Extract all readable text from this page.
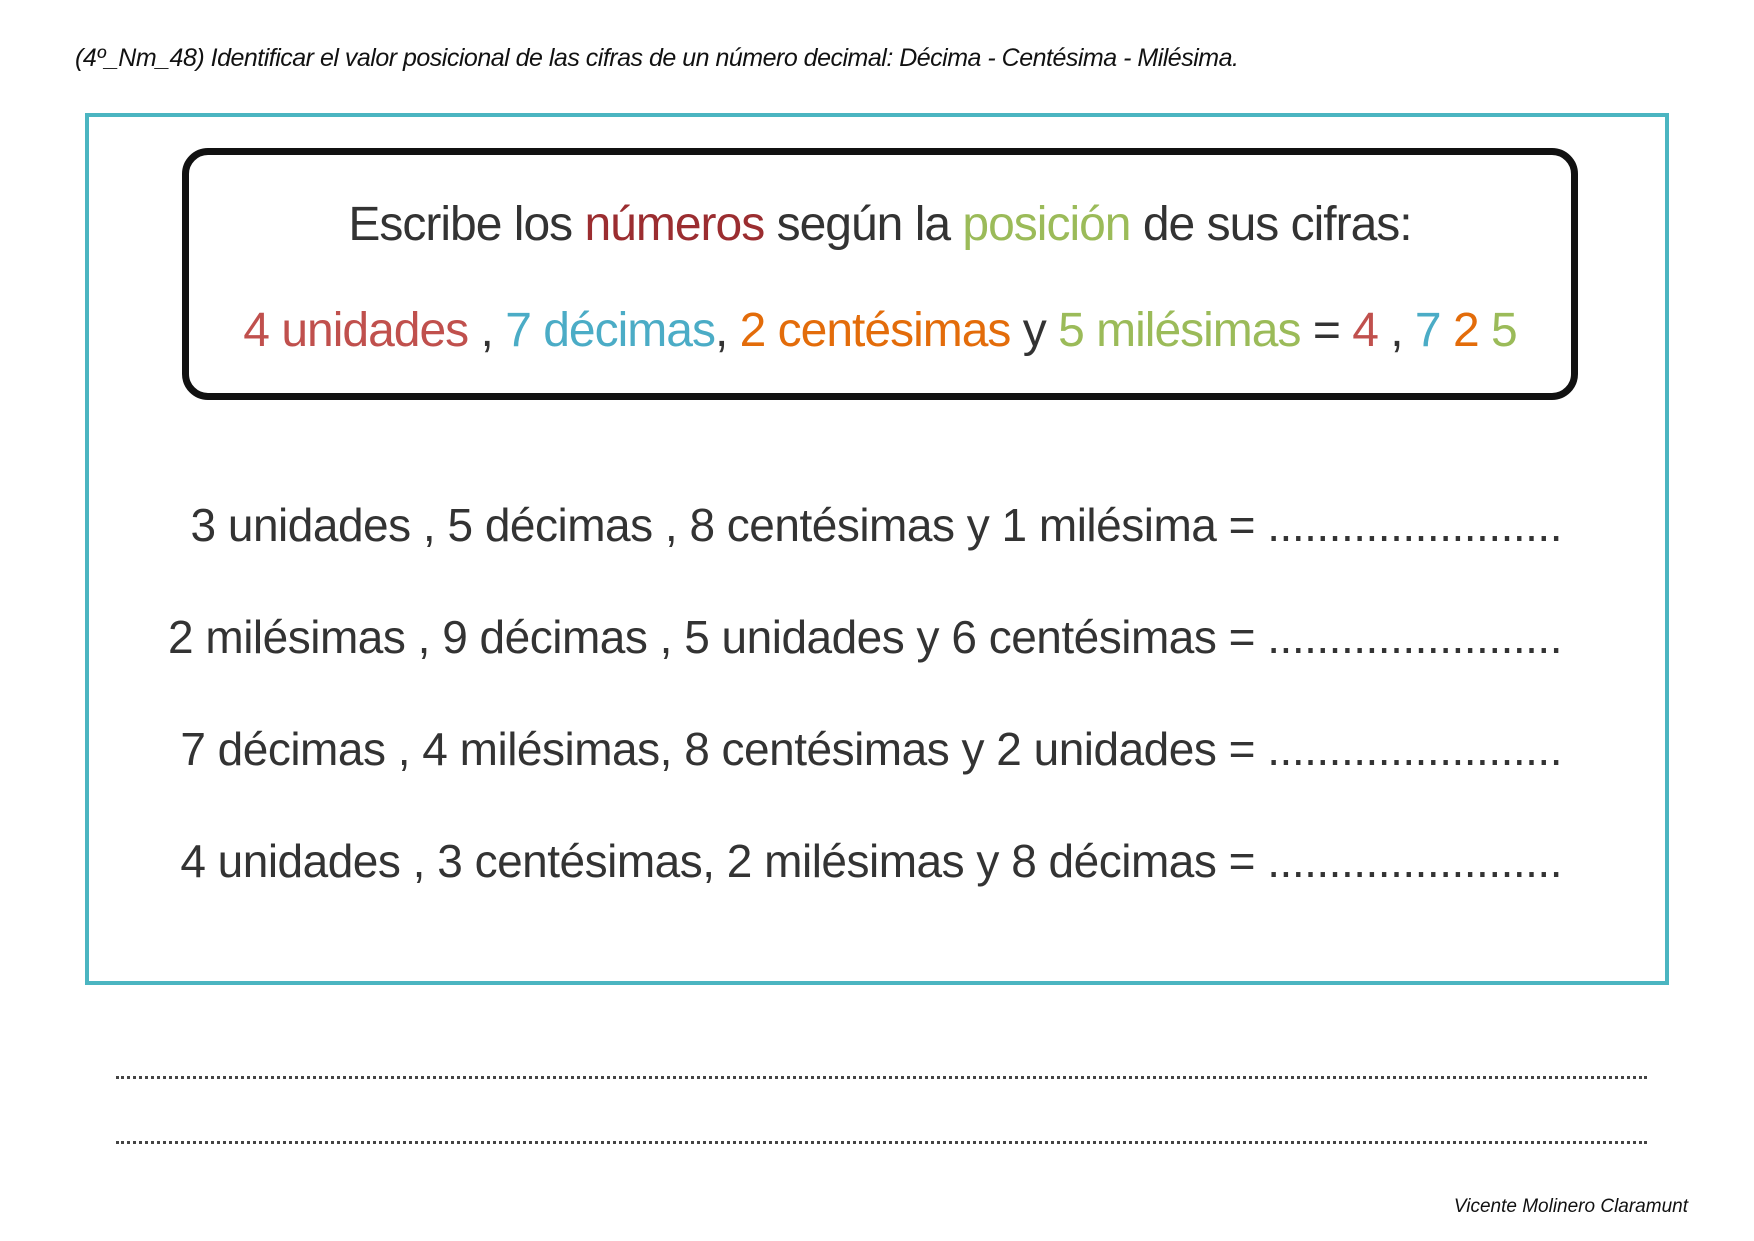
(4º_Nm_48) Identificar el valor posicional de las cifras de un número decimal: Décima - Centésima - Milésima.
Escribe los números según la posición de sus cifras:
4 unidades , 7 décimas, 2 centésimas y 5 milésimas = 4 , 7 2 5
3 unidades , 5 décimas , 8 centésimas y 1 milésima = ........................
2 milésimas , 9 décimas , 5 unidades y 6 centésimas = ........................
7 décimas , 4 milésimas, 8 centésimas y 2 unidades = ........................
4 unidades , 3 centésimas, 2 milésimas y 8 décimas = ........................
Vicente Molinero Claramunt
